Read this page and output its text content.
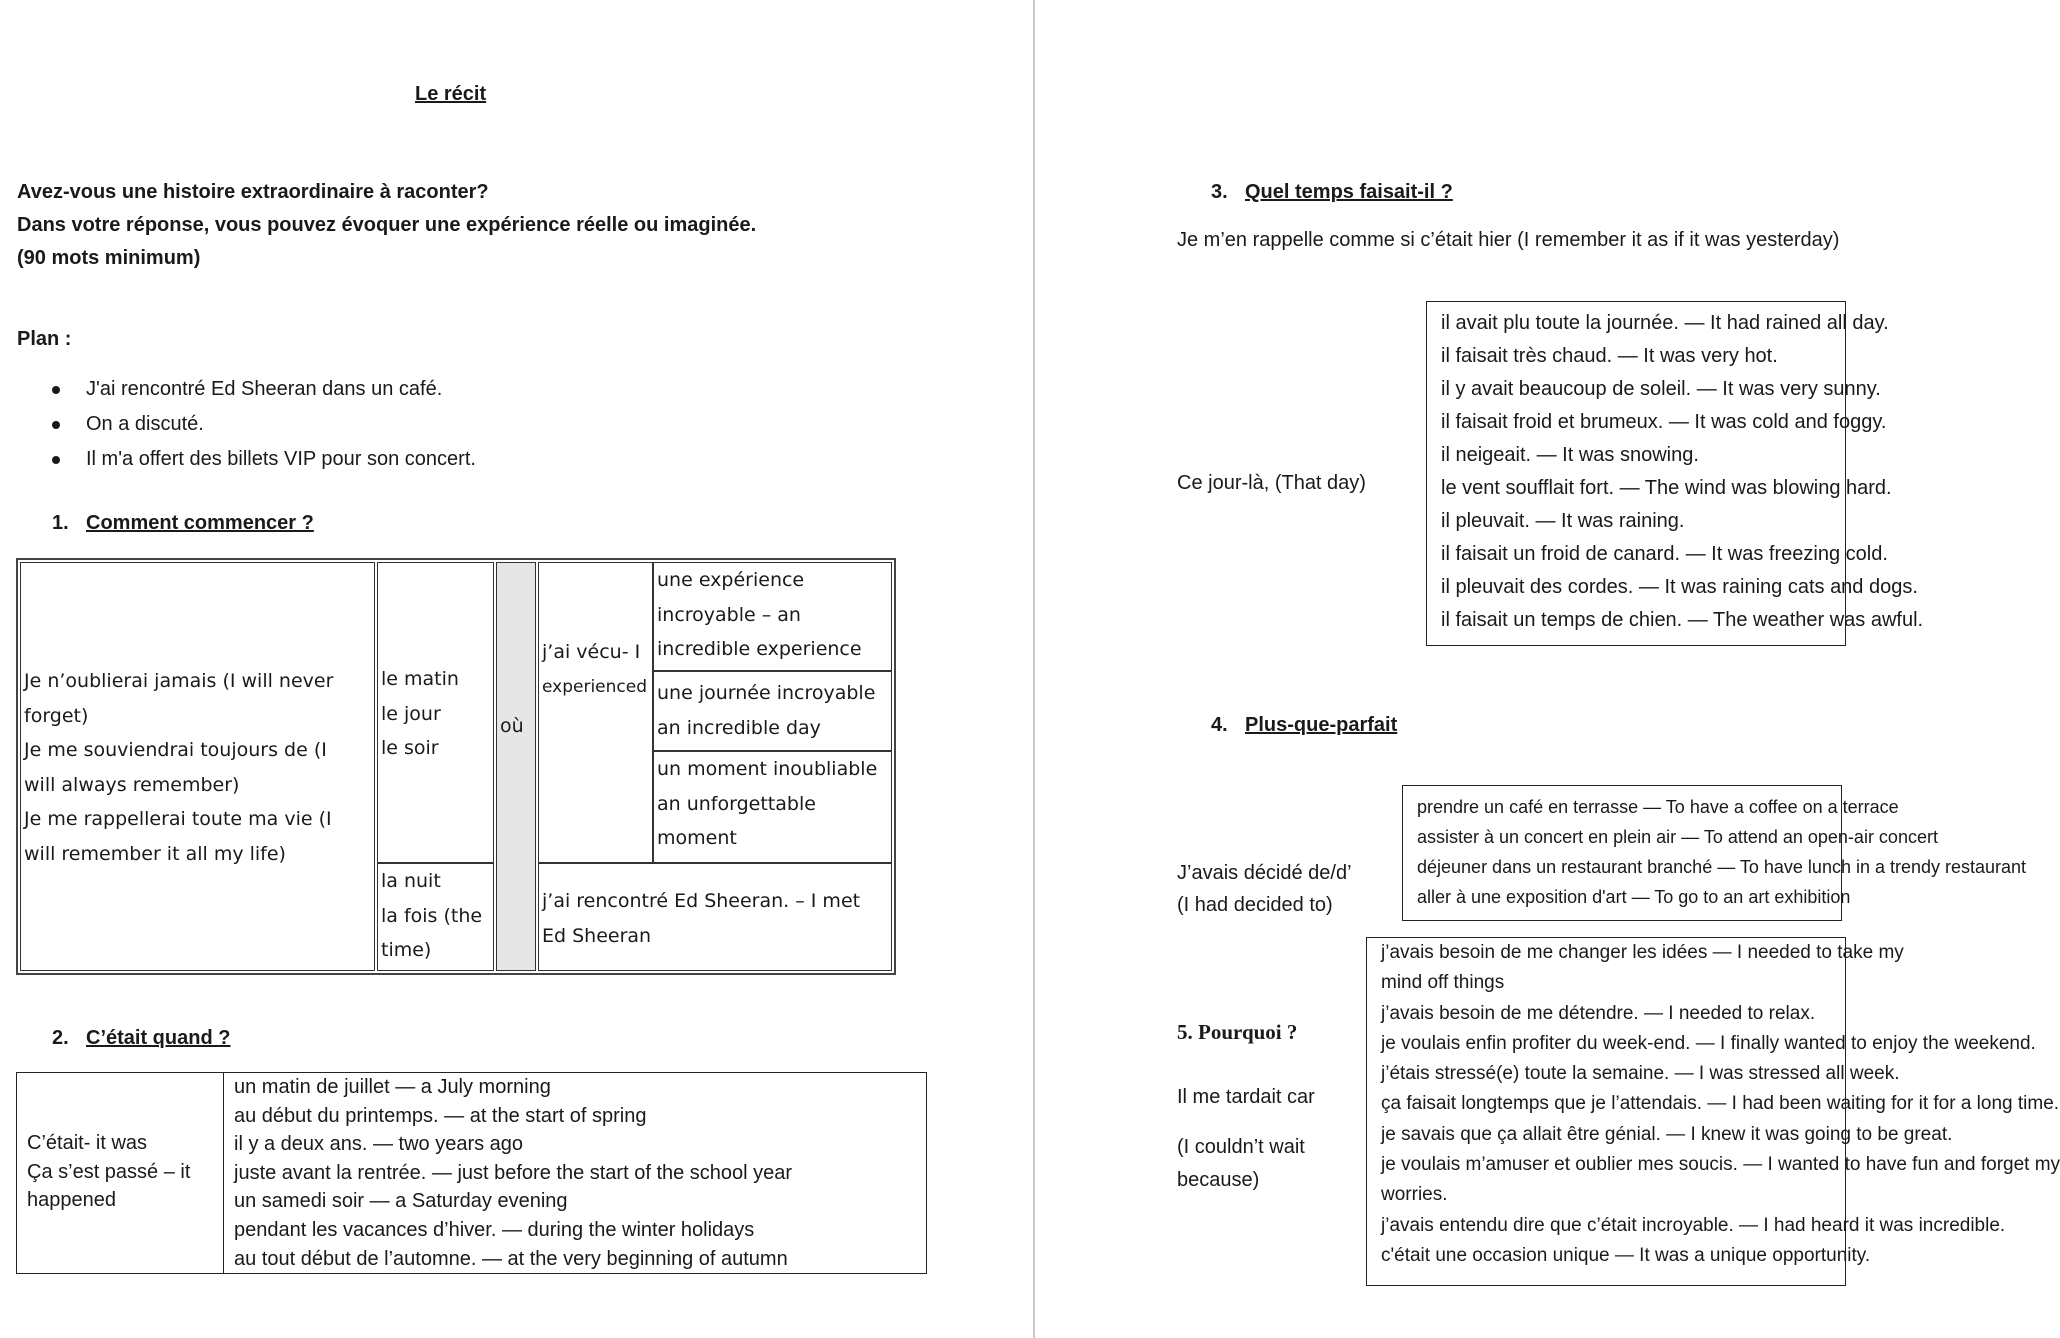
Le récit
Avez-vous une histoire extraordinaire à raconter?
Dans votre réponse, vous pouvez évoquer une expérience réelle ou imaginée.
(90 mots minimum)
Plan :
J'ai rencontré Ed Sheeran dans un café.
On a discuté.
Il m'a offert des billets VIP pour son concert.
1. Comment commencer ?
Je n’oublierai jamais (I will never
forget)
Je me souviendrai toujours de (I
will always remember)
Je me rappellerai toute ma vie (I
will remember it all my life)
le matin
le jour
le soir
la nuit
la fois (the
time)
où
j’ai vécu- I
experienced
une expérience
incroyable – an
incredible experience
une journée incroyable
an incredible day
un moment inoubliable
an unforgettable
moment
j’ai rencontré Ed Sheeran. – I met
Ed Sheeran
2. C’était quand ?
C’était- it was
Ça s’est passé – it
happened
un matin de juillet — a July morning
au début du printemps. — at the start of spring
il y a deux ans. — two years ago
juste avant la rentrée. — just before the start of the school year
un samedi soir — a Saturday evening
pendant les vacances d’hiver. — during the winter holidays
au tout début de l’automne. — at the very beginning of autumn
3. Quel temps faisait-il ?
Je m’en rappelle comme si c’était hier (I remember it as if it was yesterday)
Ce jour-là, (That day)
il avait plu toute la journée. — It had rained all day.
il faisait très chaud. — It was very hot.
il y avait beaucoup de soleil. — It was very sunny.
il faisait froid et brumeux. — It was cold and foggy.
il neigeait. — It was snowing.
le vent soufflait fort. — The wind was blowing hard.
il pleuvait. — It was raining.
il faisait un froid de canard. — It was freezing cold.
il pleuvait des cordes. — It was raining cats and dogs.
il faisait un temps de chien. — The weather was awful.
4. Plus-que-parfait
J’avais décidé de/d’
(I had decided to)
prendre un café en terrasse — To have a coffee on a terrace
assister à un concert en plein air — To attend an open-air concert
déjeuner dans un restaurant branché — To have lunch in a trendy restaurant
aller à une exposition d'art — To go to an art exhibition
5. Pourquoi ?
Il me tardait car
(I couldn’t wait
because)
j’avais besoin de me changer les idées — I needed to take my
mind off things
j’avais besoin de me détendre. — I needed to relax.
je voulais enfin profiter du week-end. — I finally wanted to enjoy the weekend.
j’étais stressé(e) toute la semaine. — I was stressed all week.
ça faisait longtemps que je l’attendais. — I had been waiting for it for a long time.
je savais que ça allait être génial. — I knew it was going to be great.
je voulais m’amuser et oublier mes soucis. — I wanted to have fun and forget my
worries.
j’avais entendu dire que c’était incroyable. — I had heard it was incredible.
c'était une occasion unique — It was a unique opportunity.
